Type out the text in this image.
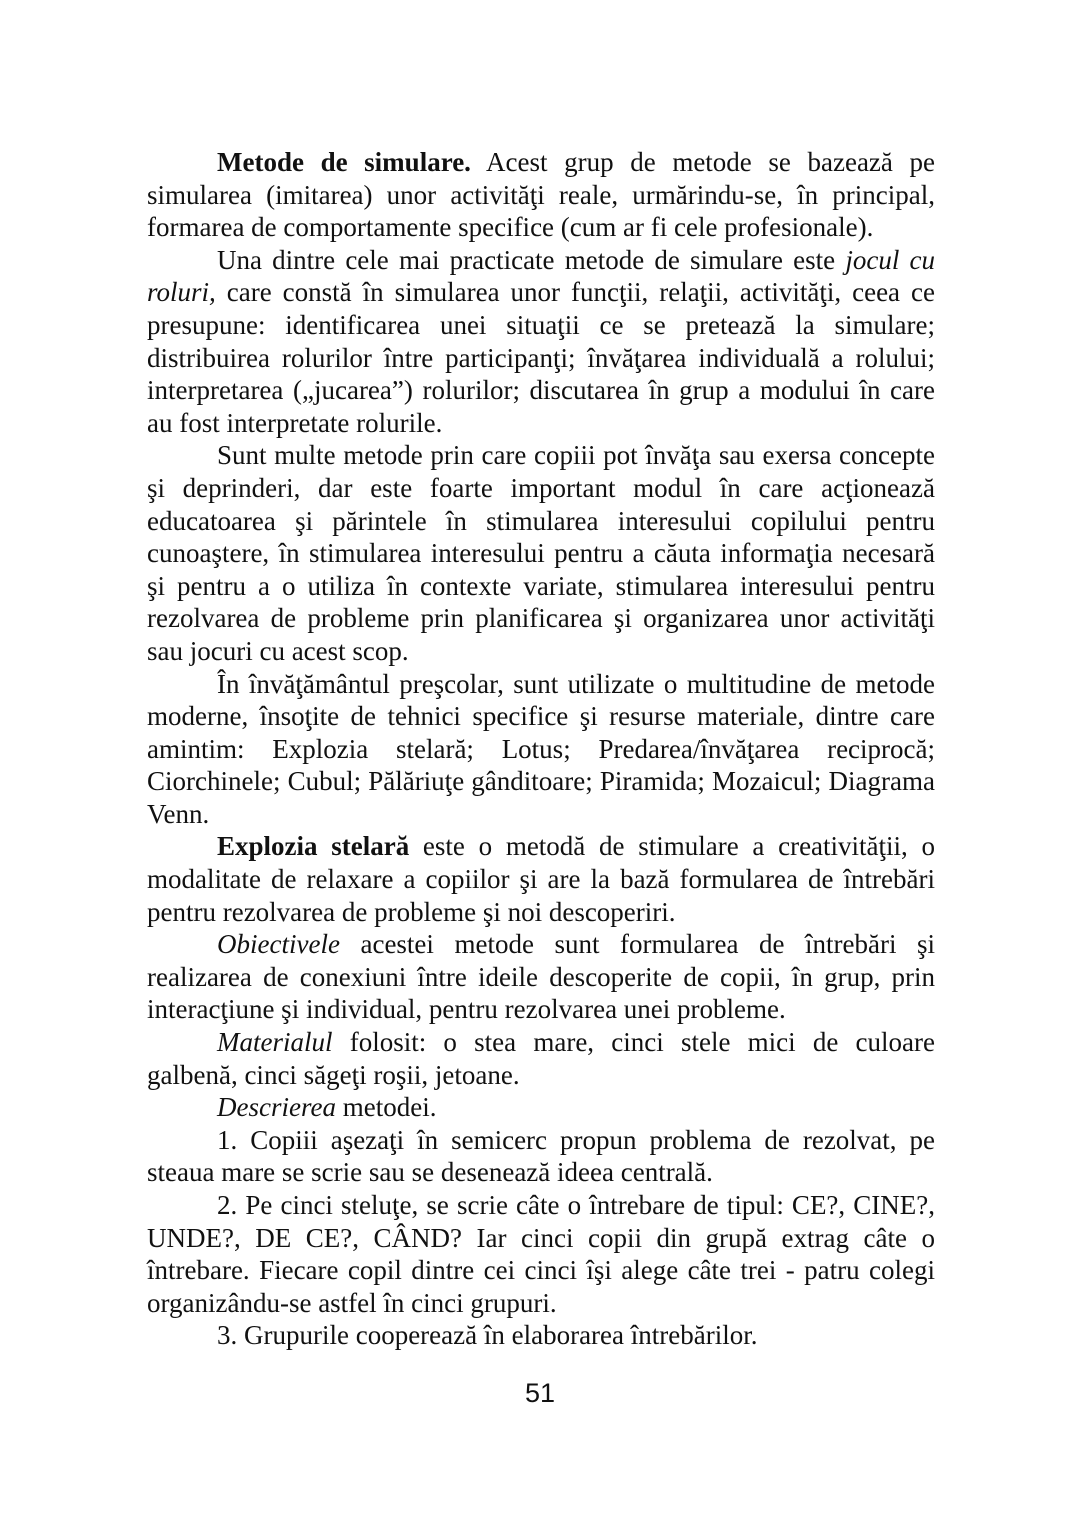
Metode de simulare. Acest grup de metode se bazează pe simularea (imitarea) unor activităţi reale, urmărindu-se, în principal, formarea de comportamente specifice (cum ar fi cele profesionale).

Una dintre cele mai practicate metode de simulare este jocul cu roluri, care constă în simularea unor funcţii, relaţii, activităţi, ceea ce presupune: identificarea unei situaţii ce se pretează la simulare; distribuirea rolurilor între participanţi; învăţarea individuală a rolului; interpretarea („jucarea”) rolurilor; discutarea în grup a modului în care au fost interpretate rolurile.

Sunt multe metode prin care copiii pot învăţa sau exersa concepte şi deprinderi, dar este foarte important modul în care acţionează educatoarea şi părintele în stimularea interesului copilului pentru cunoaştere, în stimularea interesului pentru a căuta informaţia necesară şi pentru a o utiliza în contexte variate, stimularea interesului pentru rezolvarea de probleme prin planificarea şi organizarea unor activităţi sau jocuri cu acest scop.

În învăţământul preşcolar, sunt utilizate o multitudine de metode moderne, însoţite de tehnici specifice şi resurse materiale, dintre care amintim: Explozia stelară; Lotus; Predarea/învăţarea reciprocă; Ciorchinele; Cubul; Pălăriuţe gânditoare; Piramida; Mozaicul; Diagrama Venn.

Explozia stelară este o metodă de stimulare a creativităţii, o modalitate de relaxare a copiilor şi are la bază formularea de întrebări pentru rezolvarea de probleme şi noi descoperiri.

Obiectivele acestei metode sunt formularea de întrebări şi realizarea de conexiuni între ideile descoperite de copii, în grup, prin interacţiune şi individual, pentru rezolvarea unei probleme.

Materialul folosit: o stea mare, cinci stele mici de culoare galbenă, cinci săgeţi roşii, jetoane.

Descrierea metodei.

1. Copiii aşezaţi în semicerc propun problema de rezolvat, pe steaua mare se scrie sau se desenează ideea centrală.

2. Pe cinci steluţe, se scrie câte o întrebare de tipul: CE?, CINE?, UNDE?, DE CE?, CÂND? Iar cinci copii din grupă extrag câte o întrebare. Fiecare copil dintre cei cinci îşi alege câte trei - patru colegi organizându-se astfel în cinci grupuri.

3. Grupurile cooperează în elaborarea întrebărilor.

51
